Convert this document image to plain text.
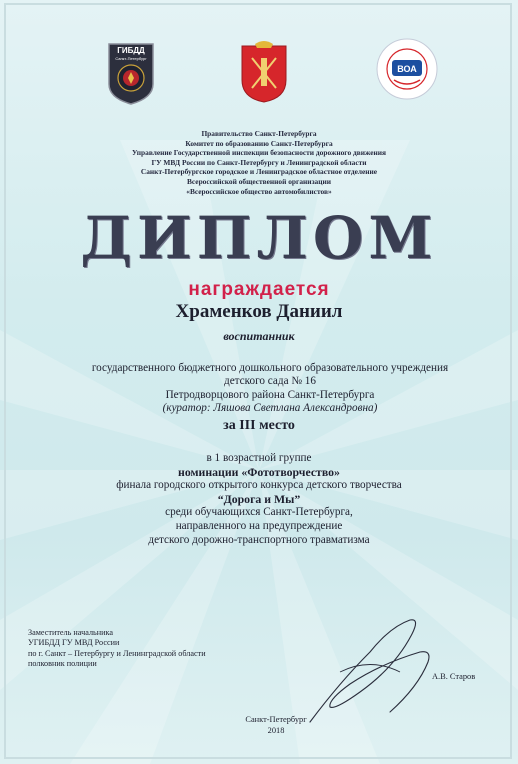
ГИБДД
Санкт-Петербург
ВОА
Правительство Санкт-Петербурга
Комитет по образованию Санкт-Петербурга
Управление Государственной инспекции безопасности дорожного движения
ГУ МВД России по Санкт-Петербургу и Ленинградской области
Санкт-Петербургское городское и Ленинградское областное отделение
Всероссийской общественной организации
«Всероссийское общество автомобилистов»
ДИПЛОМ
награждается
Храменков Даниил
воспитанник
государственного бюджетного дошкольного образовательного учреждения
детского сада № 16
Петродворцового района Санкт-Петербурга
(куратор: Ляшова Светлана Александровна)
за III место
в 1 возрастной группе
номинации «Фототворчество»
финала городского открытого конкурса детского творчества
“Дорога и Мы”
среди обучающихся Санкт-Петербурга,
направленного на предупреждение
детского дорожно-транспортного травматизма
Заместитель начальника
УГИБДД ГУ МВД России
по г. Санкт – Петербургу и Ленинградской области
полковник полиции
А.В. Старов
Санкт-Петербург
2018
